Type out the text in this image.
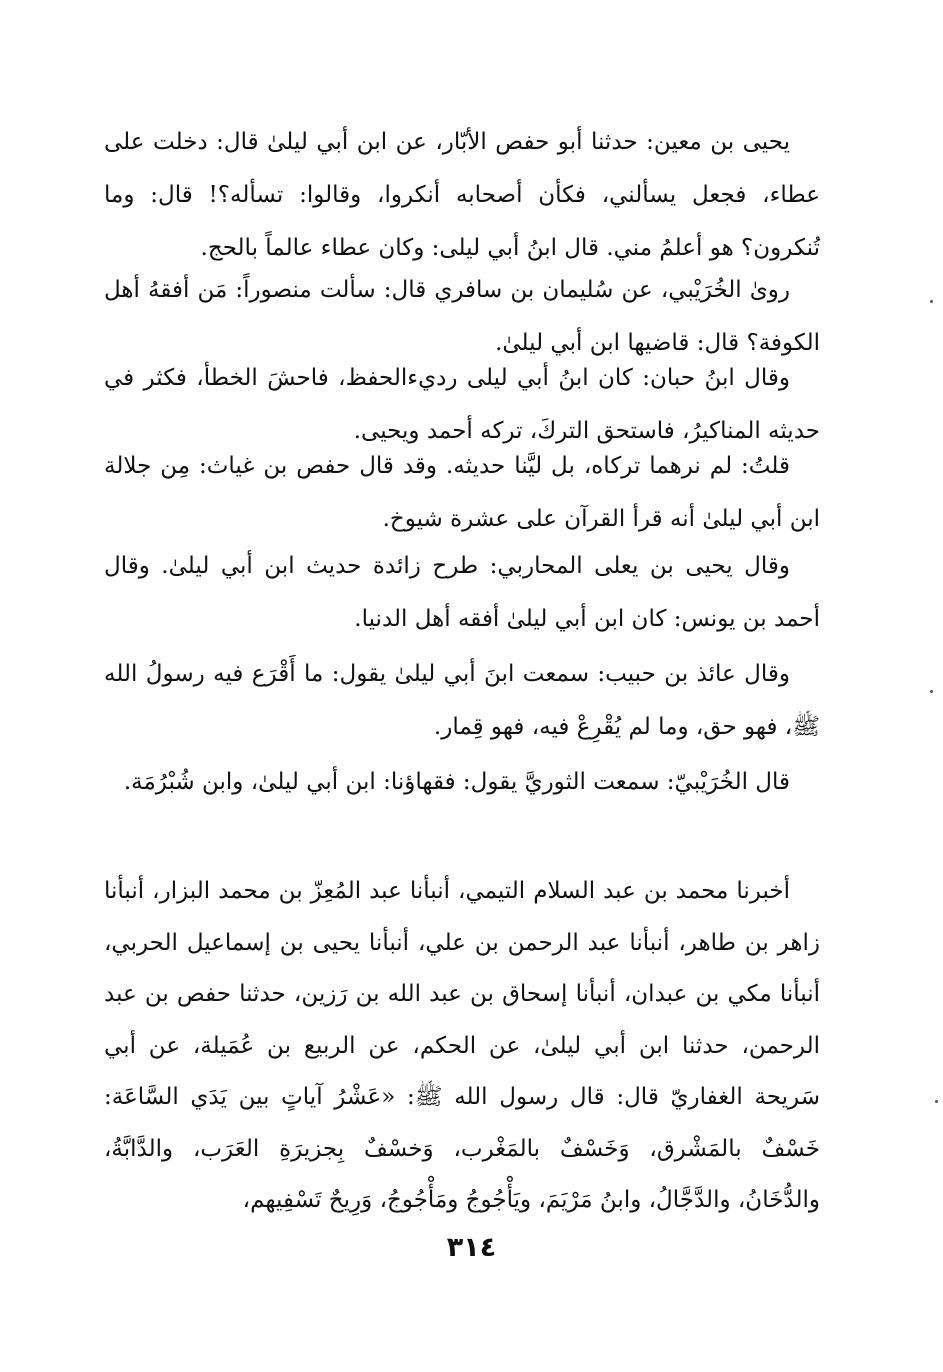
يحيى بن معين: حدثنا أبو حفص الأبّار، عن ابن أبي ليلىٰ قال: دخلت على عطاء، فجعل يسألني، فكأن أصحابه أنكروا، وقالوا: تسأله؟! قال: وما تُنكرون؟ هو أعلمُ مني. قال ابنُ أبي ليلى: وكان عطاء عالماً بالحج.

روىٰ الخُرَيْبي، عن سُليمان بن سافري قال: سألت منصوراً: مَن أفقهُ أهل الكوفة؟ قال: قاضيها ابن أبي ليلىٰ.

وقال ابنُ حبان: كان ابنُ أبي ليلى رديءالحفظ، فاحشَ الخطأ، فكثر في حديثه المناكيرُ، فاستحق التركَ، تركه أحمد ويحيى.

قلتُ: لم نرهما تركاه، بل ليَّنا حديثه. وقد قال حفص بن غياث: مِن جلالة ابن أبي ليلىٰ أنه قرأ القرآن على عشرة شيوخ.

وقال يحيى بن يعلى المحاربي: طرح زائدة حديث ابن أبي ليلىٰ. وقال أحمد بن يونس: كان ابن أبي ليلىٰ أفقه أهل الدنيا.

وقال عائذ بن حبيب: سمعت ابنَ أبي ليلىٰ يقول: ما أَقْرَع فيه رسولُ الله ﷺ، فهو حق، وما لم يُقْرِعْ فيه، فهو قِمار.

قال الخُرَيْبيّ: سمعت الثوريَّ يقول: فقهاؤنا: ابن أبي ليلىٰ، وابن شُبْرُمَة.

أخبرنا محمد بن عبد السلام التيمي، أنبأنا عبد المُعِزّ بن محمد البزار، أنبأنا زاهر بن طاهر، أنبأنا عبد الرحمن بن علي، أنبأنا يحيى بن إسماعيل الحربي، أنبأنا مكي بن عبدان، أنبأنا إسحاق بن عبد الله بن رَزين، حدثنا حفص بن عبد الرحمن، حدثنا ابن أبي ليلىٰ، عن الحكم، عن الربيع بن عُمَيلة، عن أبي سَريحة الغفاريّ قال: قال رسول الله ﷺ: «عَشْرُ آياتٍ بين يَدَي السَّاعَة: خَسْفٌ بالمَشْرق، وَخَسْفٌ بالمَغْرب، وَخسْفٌ بِجزيرَةِ العَرَب، والدَّابَّةُ، والدُّخَانُ، والدَّجَّالُ، وابنُ مَرْيَمَ، ويَأْجُوجُ ومَأْجُوجُ، وَرِيحٌ تَسْفِيهم،

٣١٤
